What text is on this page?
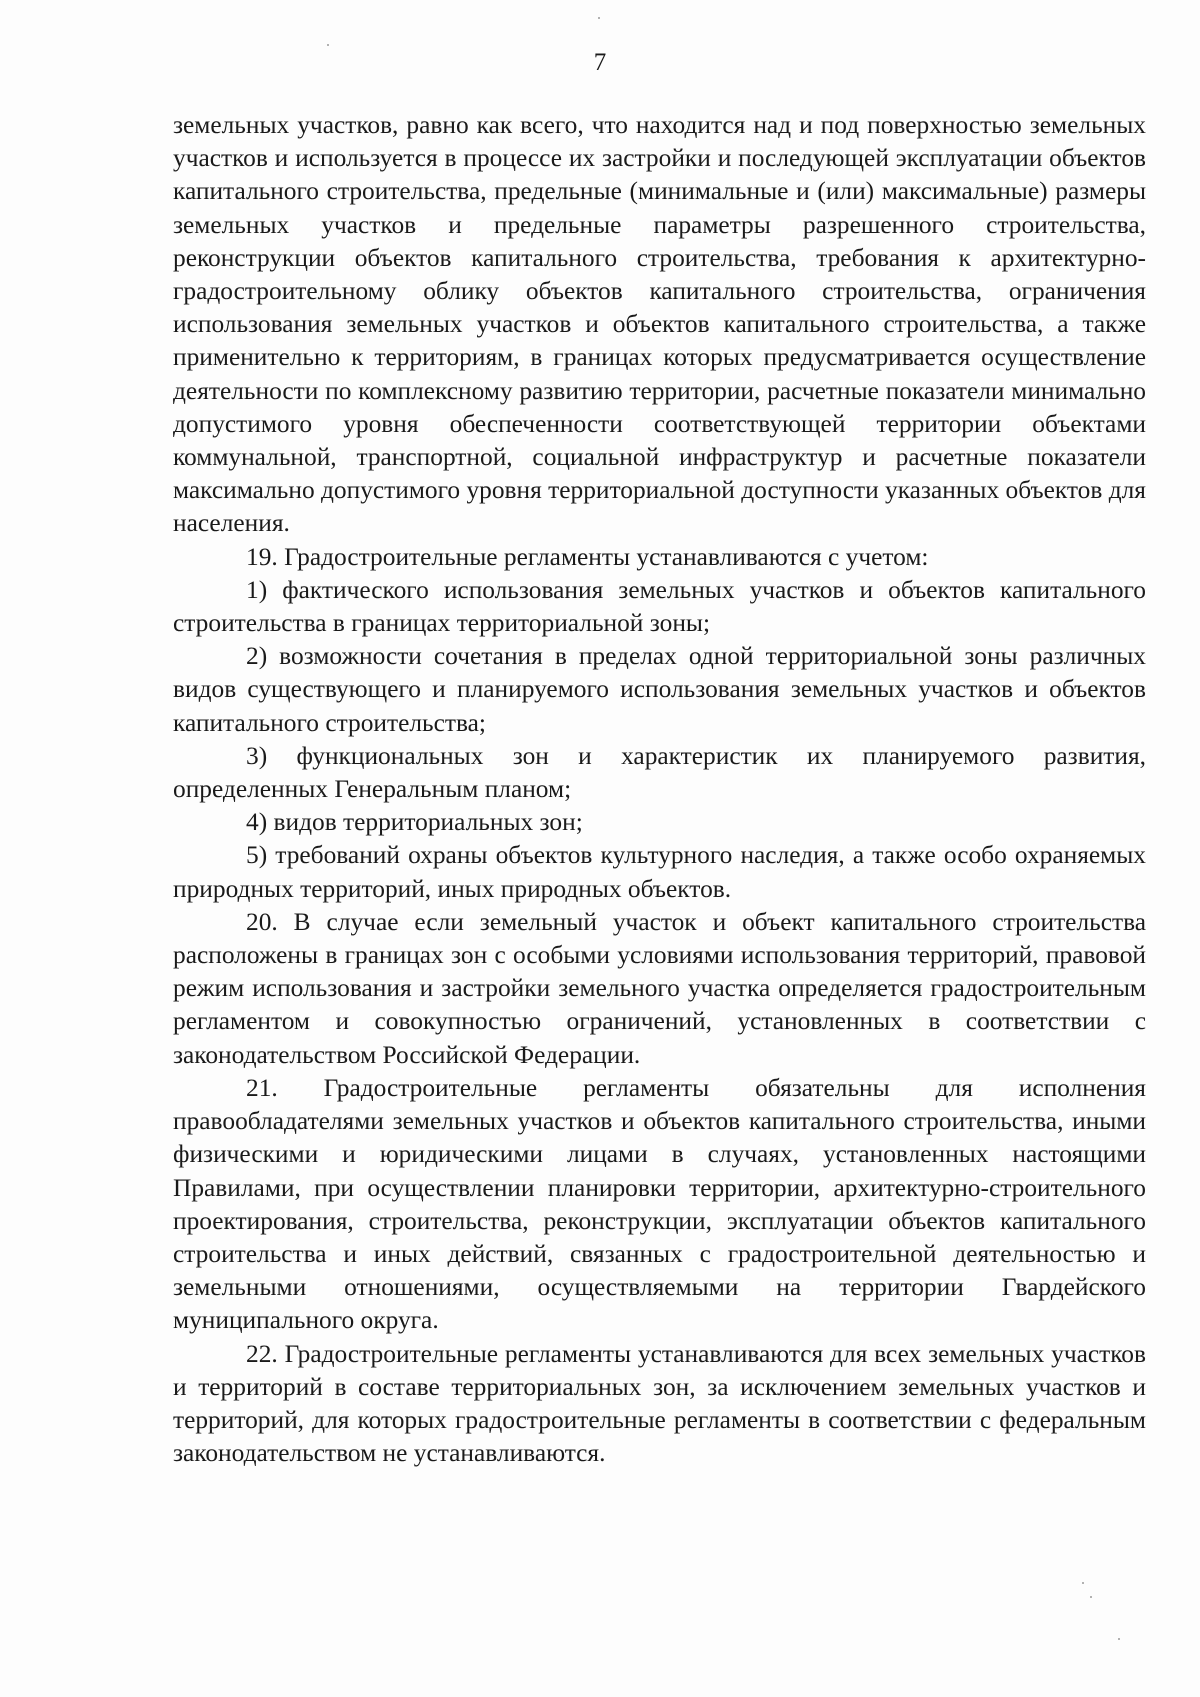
7

земельных участков, равно как всего, что находится над и под поверхностью земельных участков и используется в процессе их застройки и последующей эксплуатации объектов капитального строительства, предельные (минимальные и (или) максимальные) размеры земельных участков и предельные параметры разрешенного строительства, реконструкции объектов капитального строительства, требования к архитектурно-градостроительному облику объектов капитального строительства, ограничения использования земельных участков и объектов капитального строительства, а также применительно к территориям, в границах которых предусматривается осуществление деятельности по комплексному развитию территории, расчетные показатели минимально допустимого уровня обеспеченности соответствующей территории объектами коммунальной, транспортной, социальной инфраструктур и расчетные показатели максимально допустимого уровня территориальной доступности указанных объектов для населения.

19. Градостроительные регламенты устанавливаются с учетом:

1) фактического использования земельных участков и объектов капитального строительства в границах территориальной зоны;

2) возможности сочетания в пределах одной территориальной зоны различных видов существующего и планируемого использования земельных участков и объектов капитального строительства;

3) функциональных зон и характеристик их планируемого развития, определенных Генеральным планом;

4) видов территориальных зон;

5) требований охраны объектов культурного наследия, а также особо охраняемых природных территорий, иных природных объектов.

20. В случае если земельный участок и объект капитального строительства расположены в границах зон с особыми условиями использования территорий, правовой режим использования и застройки земельного участка определяется градостроительным регламентом и совокупностью ограничений, установленных в соответствии с законодательством Российской Федерации.

21. Градостроительные регламенты обязательны для исполнения правообладателями земельных участков и объектов капитального строительства, иными физическими и юридическими лицами в случаях, установленных настоящими Правилами, при осуществлении планировки территории, архитектурно-строительного проектирования, строительства, реконструкции, эксплуатации объектов капитального строительства и иных действий, связанных с градостроительной деятельностью и земельными отношениями, осуществляемыми на территории Гвардейского муниципального округа.

22. Градостроительные регламенты устанавливаются для всех земельных участков и территорий в составе территориальных зон, за исключением земельных участков и территорий, для которых градостроительные регламенты в соответствии с федеральным законодательством не устанавливаются.
